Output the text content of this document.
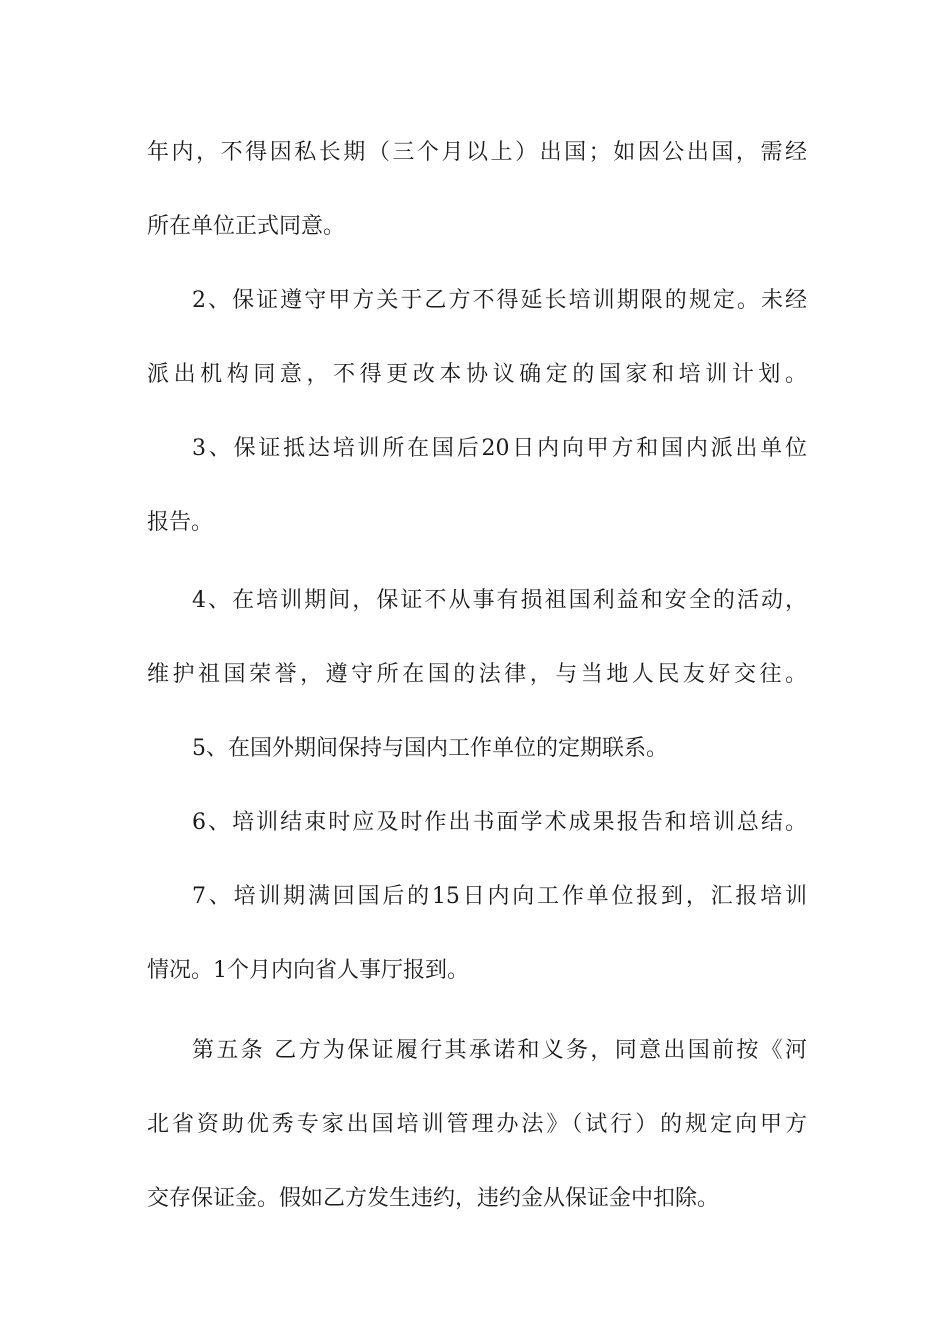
年内，不得因私长期（三个月以上）出国；如因公出国，需经
所在单位正式同意。
2、保证遵守甲方关于乙方不得延长培训期限的规定。未经
派出机构同意，不得更改本协议确定的国家和培训计划。
3、保证抵达培训所在国后20日内向甲方和国内派出单位
报告。
4、在培训期间，保证不从事有损祖国利益和安全的活动，
维护祖国荣誉，遵守所在国的法律，与当地人民友好交往。
5、在国外期间保持与国内工作单位的定期联系。
6、培训结束时应及时作出书面学术成果报告和培训总结。
7、培训期满回国后的15日内向工作单位报到，汇报培训
情况。1个月内向省人事厅报到。
第五条 乙方为保证履行其承诺和义务，同意出国前按《河
北省资助优秀专家出国培训管理办法》（试行）的规定向甲方
交存保证金。假如乙方发生违约，违约金从保证金中扣除。
